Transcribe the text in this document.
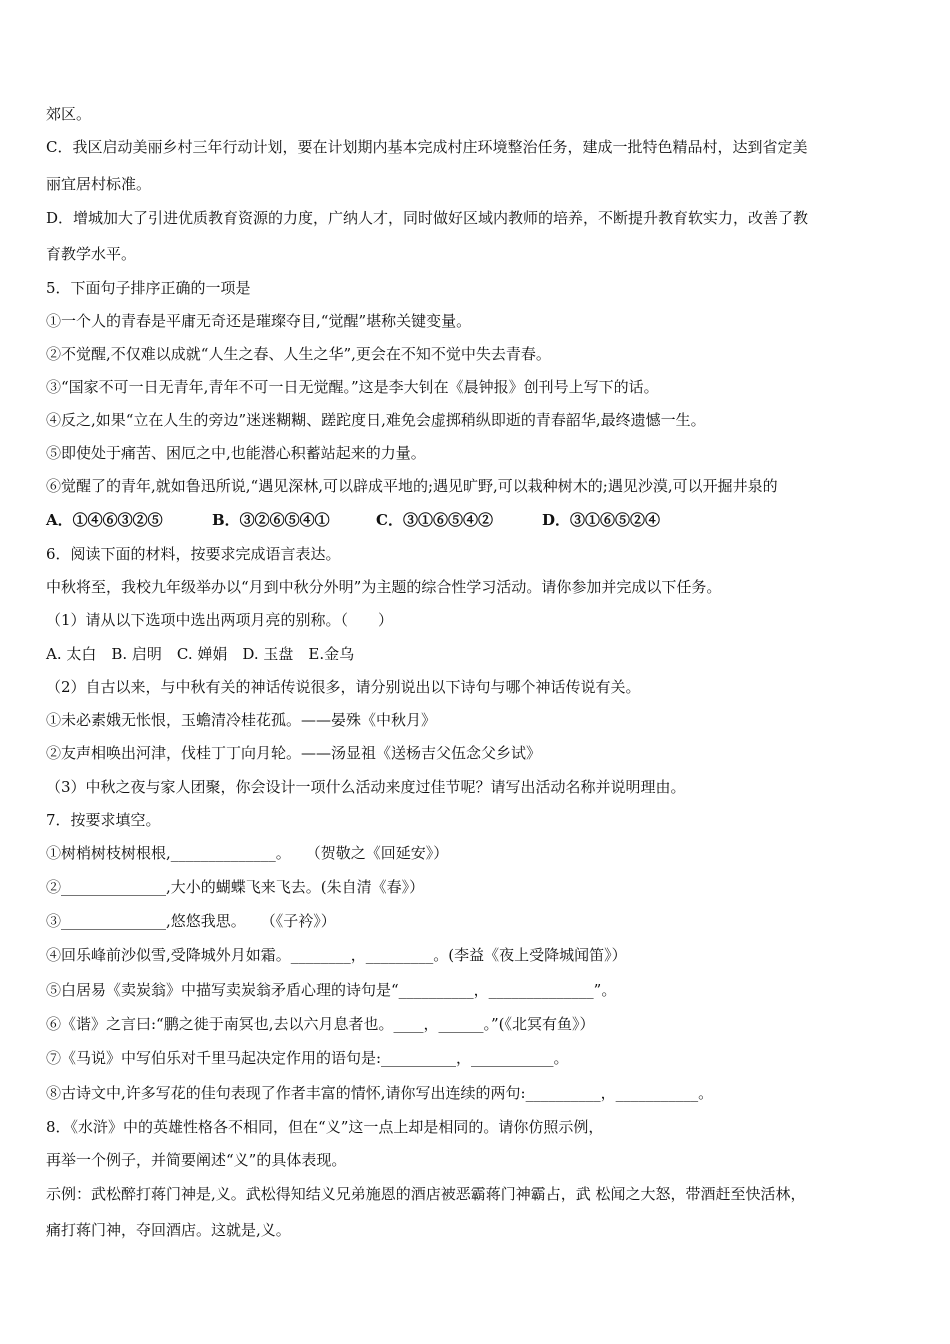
郊区。
C．我区启动美丽乡村三年行动计划，要在计划期内基本完成村庄环境整治任务，建成一批特色精品村，达到省定美
丽宜居村标准。
D．增城加大了引进优质教育资源的力度，广纳人才，同时做好区域内教师的培养，不断提升教育软实力，改善了教
育教学水平。
5．下面句子排序正确的一项是
①一个人的青春是平庸无奇还是璀璨夺目,“觉醒”堪称关键变量。
②不觉醒,不仅难以成就“人生之春、人生之华”,更会在不知不觉中失去青春。
③“国家不可一日无青年,青年不可一日无觉醒。”这是李大钊在《晨钟报》创刊号上写下的话。
④反之,如果“立在人生的旁边”迷迷糊糊、蹉跎度日,难免会虚掷稍纵即逝的青春韶华,最终遗憾一生。
⑤即使处于痛苦、困厄之中,也能潜心积蓄站起来的力量。
⑥觉醒了的青年,就如鲁迅所说,“遇见深林,可以辟成平地的;遇见旷野,可以栽种树木的;遇见沙漠,可以开掘井泉的
A．①④⑥③②⑤	B．③②⑥⑤④①	C．③①⑥⑤④②	D．③①⑥⑤②④
6．阅读下面的材料，按要求完成语言表达。
中秋将至，我校九年级举办以“月到中秋分外明”为主题的综合性学习活动。请你参加并完成以下任务。
（1）请从以下选项中选出两项月亮的别称。（　　）
A. 太白　B. 启明　C. 婵娟　D. 玉盘　E.金乌
（2）自古以来，与中秋有关的神话传说很多，请分别说出以下诗句与哪个神话传说有关。
①未必素娥无怅恨，玉蟾清冷桂花孤。——晏殊《中秋月》
②友声相唤出河津，伐桂丁丁向月轮。——汤显祖《送杨吉父伍念父乡试》
（3）中秋之夜与家人团聚，你会设计一项什么活动来度过佳节呢？请写出活动名称并说明理由。
7．按要求填空。
①树梢树枝树根根,______________。　　（贺敬之《回延安》）
②______________,大小的蝴蝶飞来飞去。(朱自清《春》）
③______________,悠悠我思。　　（《子衿》）
④回乐峰前沙似雪,受降城外月如霜。________，_________。(李益《夜上受降城闻笛》）
⑤白居易《卖炭翁》中描写卖炭翁矛盾心理的诗句是“__________，______________”。
⑥《谐》之言曰:“鹏之徙于南冥也,去以六月息者也。____，______。”(《北冥有鱼》）
⑦《马说》中写伯乐对千里马起决定作用的语句是:__________，___________。
⑧古诗文中,许多写花的佳句表现了作者丰富的情怀,请你写出连续的两句:__________，___________。
8．《水浒》中的英雄性格各不相同，但在“义”这一点上却是相同的。请你仿照示例，
再举一个例子，并简要阐述“义”的具体表现。
示例：武松醉打蒋门神是,义。武松得知结义兄弟施恩的酒店被恶霸蒋门神霸占，武 松闻之大怒，带酒赶至快活林，
痛打蒋门神，夺回酒店。这就是,义。
